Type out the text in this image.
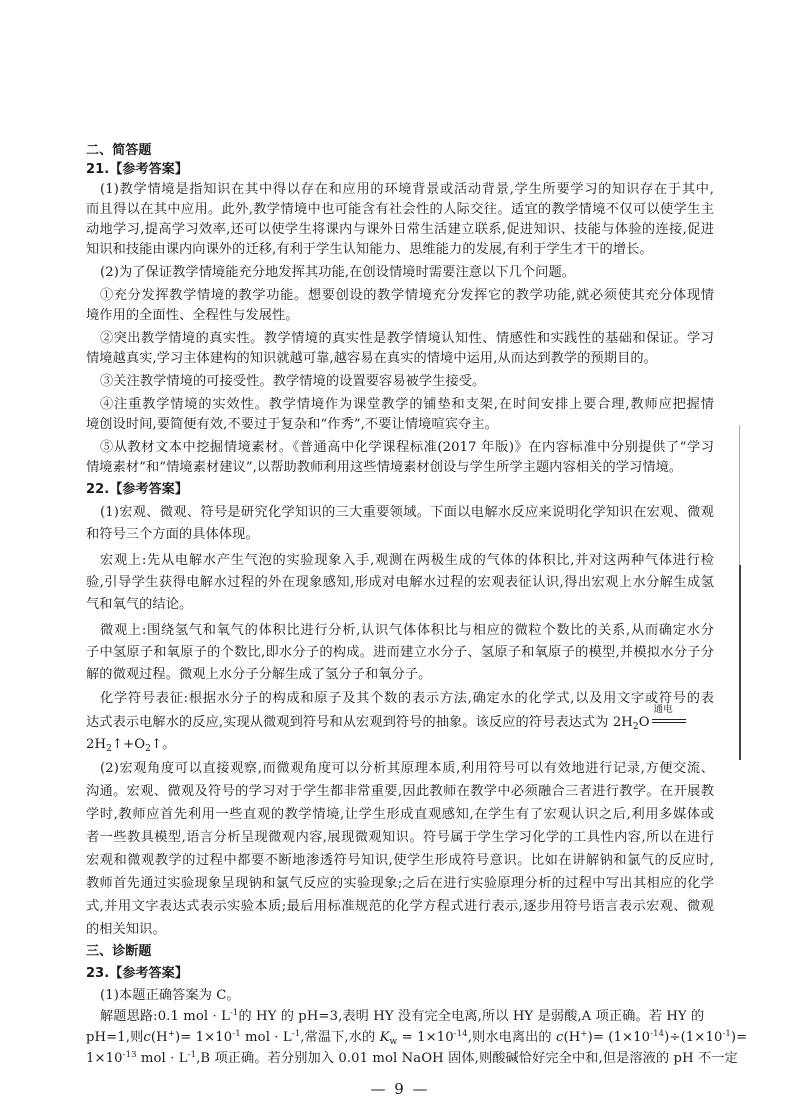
二、简答题
21.【参考答案】
(1)教学情境是指知识在其中得以存在和应用的环境背景或活动背景,学生所要学习的知识存在于其中,
而且得以在其中应用。此外,教学情境中也可能含有社会性的人际交往。适宜的教学情境不仅可以使学生主
动地学习,提高学习效率,还可以使学生将课内与课外日常生活建立联系,促进知识、技能与体验的连接,促进
知识和技能由课内向课外的迁移,有利于学生认知能力、思维能力的发展,有利于学生才干的增长。
(2)为了保证教学情境能充分地发挥其功能,在创设情境时需要注意以下几个问题。
①充分发挥教学情境的教学功能。想要创设的教学情境充分发挥它的教学功能,就必须使其充分体现情
境作用的全面性、全程性与发展性。
②突出教学情境的真实性。教学情境的真实性是教学情境认知性、情感性和实践性的基础和保证。学习
情境越真实,学习主体建构的知识就越可靠,越容易在真实的情境中运用,从而达到教学的预期目的。
③关注教学情境的可接受性。教学情境的设置要容易被学生接受。
④注重教学情境的实效性。教学情境作为课堂教学的铺垫和支架,在时间安排上要合理,教师应把握情
境创设时间,要简便有效,不要过于复杂和“作秀”,不要让情境喧宾夺主。
⑤从教材文本中挖掘情境素材。《普通高中化学课程标准(2017 年版)》在内容标准中分别提供了“学习
情境素材”和“情境素材建议”,以帮助教师利用这些情境素材创设与学生所学主题内容相关的学习情境。
22.【参考答案】
(1)宏观、微观、符号是研究化学知识的三大重要领域。下面以电解水反应来说明化学知识在宏观、微观
和符号三个方面的具体体现。
宏观上:先从电解水产生气泡的实验现象入手,观测在两极生成的气体的体积比,并对这两种气体进行检
验,引导学生获得电解水过程的外在现象感知,形成对电解水过程的宏观表征认识,得出宏观上水分解生成氢
气和氧气的结论。
微观上:围绕氢气和氧气的体积比进行分析,认识气体体积比与相应的微粒个数比的关系,从而确定水分
子中氢原子和氧原子的个数比,即水分子的构成。进而建立水分子、氢原子和氧原子的模型,并模拟水分子分
解的微观过程。微观上水分子分解生成了氢分子和氧分子。
化学符号表征:根据水分子的构成和原子及其个数的表示方法,确定水的化学式,以及用文字或符号的表
达式表示电解水的反应,实现从微观到符号和从宏观到符号的抽象。该反应的符号表达式为 $2H_2O$
通电
$2H_2↑+O_2↑$。
(2)宏观角度可以直接观察,而微观角度可以分析其原理本质,利用符号可以有效地进行记录,方便交流、
沟通。宏观、微观及符号的学习对于学生都非常重要,因此教师在教学中必须融合三者进行教学。在开展教
学时,教师应首先利用一些直观的教学情境,让学生形成直观感知,在学生有了宏观认识之后,利用多媒体或
者一些教具模型,语言分析呈现微观内容,展现微观知识。符号属于学生学习化学的工具性内容,所以在进行
宏观和微观教学的过程中都要不断地渗透符号知识,使学生形成符号意识。比如在讲解钠和氯气的反应时,
教师首先通过实验现象呈现钠和氯气反应的实验现象;之后在进行实验原理分析的过程中写出其相应的化学
式,并用文字表达式表示实验本质;最后用标准规范的化学方程式进行表示,逐步用符号语言表示宏观、微观
的相关知识。
三、诊断题
23.【参考答案】
(1)本题正确答案为 C。
解题思路:0.1 mol · $L^{-1}$的 HY 的 pH=3,表明 HY 没有完全电离,所以 HY 是弱酸,A 项正确。若 HY 的
pH=1,则$c(H^+)= 1\times 10^{-1}$ mol · $L^{-1}$,常温下,水的 $K_w = 1\times 10^{-14}$,则水电离出的 $c(H^+)= (1\times 10^{-14})\div(1\times 10^{-1})=$
$1\times 10^{-13}$ mol · $L^{-1},B$ 项正确。若分别加入 0.01 mol NaOH 固体,则酸碱恰好完全中和,但是溶液的 pH 不一定
— 9 —
